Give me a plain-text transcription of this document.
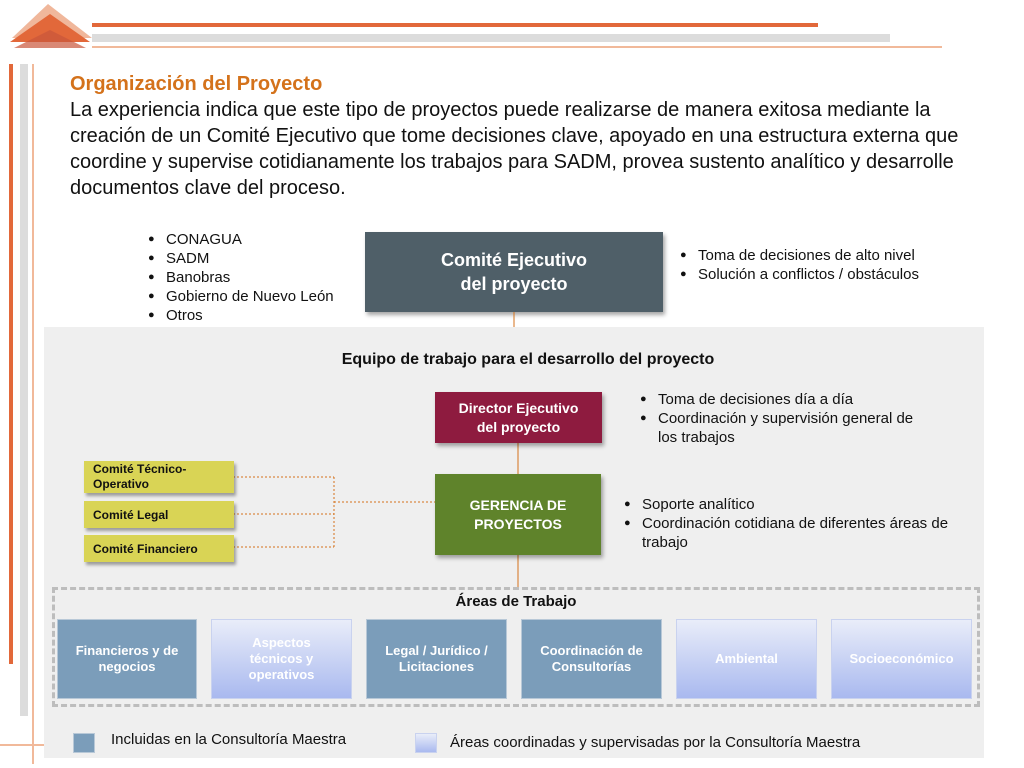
Organización del Proyecto
La experiencia indica que este tipo de proyectos puede realizarse de manera exitosa mediante la creación de un Comité Ejecutivo que tome decisiones clave, apoyado en una estructura externa que coordine y supervise cotidianamente los trabajos para SADM, provea sustento analítico y desarrolle documentos clave del proceso.
● CONAGUA
● SADM
● Banobras
● Gobierno de Nuevo León
● Otros
Comité Ejecutivo
del proyecto
● Toma de decisiones de alto nivel
● Solución a conflictos / obstáculos
Equipo de trabajo para el desarrollo del proyecto
Director Ejecutivo
del proyecto
● Toma de decisiones día a día
● Coordinación y supervisión general de los trabajos
GERENCIA DE
PROYECTOS
● Soporte analítico
● Coordinación cotidiana de diferentes áreas de trabajo
Comité Técnico-Operativo
Comité Legal
Comité Financiero
Áreas de Trabajo
Financieros y de negocios
Aspectos técnicos y operativos
Legal / Jurídico / Licitaciones
Coordinación de Consultorías
Ambiental	Socioeconómico
Incluidas en la Consultoría Maestra	Áreas coordinadas y supervisadas por la Consultoría Maestra
